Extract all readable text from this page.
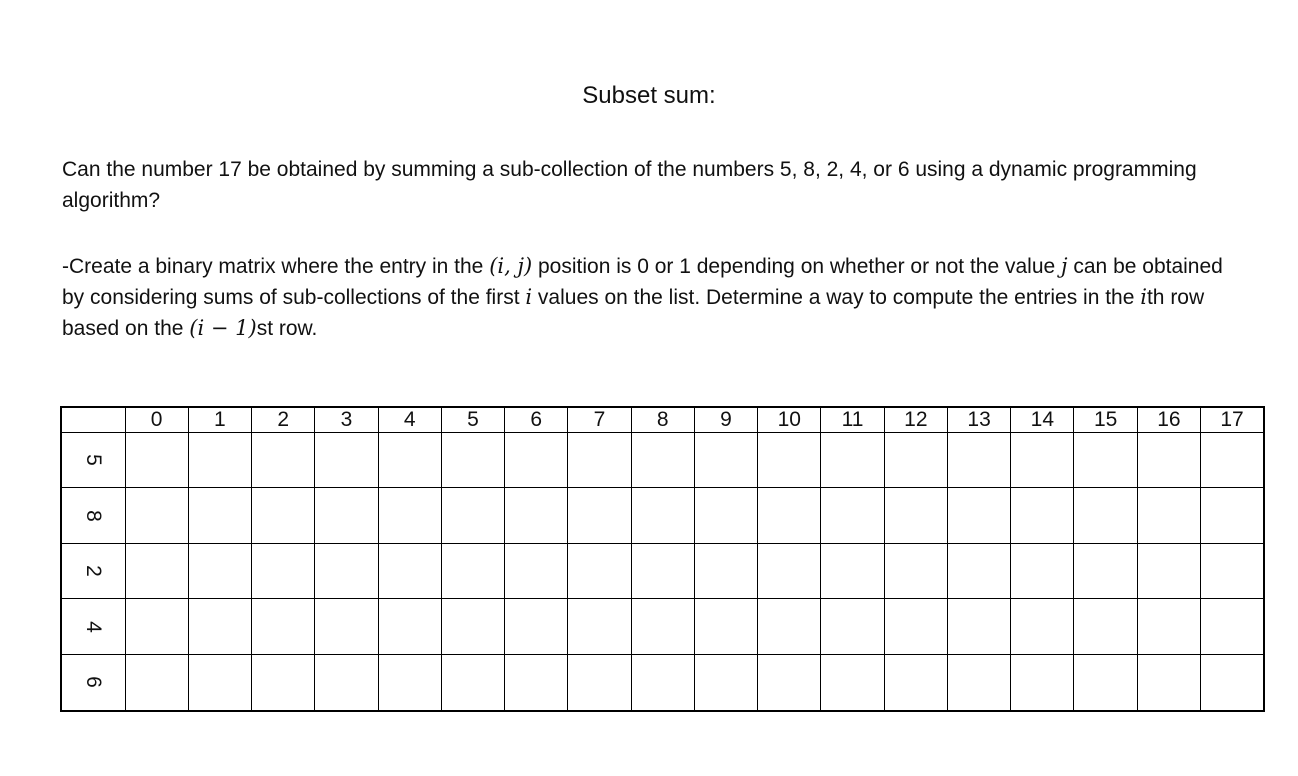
Subset sum:
Can the number 17 be obtained by summing a sub-collection of the numbers 5, 8, 2, 4, or 6 using a dynamic programming algorithm?
-Create a binary matrix where the entry in the (i, j) position is 0 or 1 depending on whether or not the value j can be obtained by considering sums of sub-collections of the first i values on the list. Determine a way to compute the entries in the ith row based on the (i − 1)st row.
	0	1	2	3	4	5	6	7	8	9	10	11	12	13	14	15	16	17
5																		
8																		
2																		
4																		
6																		
